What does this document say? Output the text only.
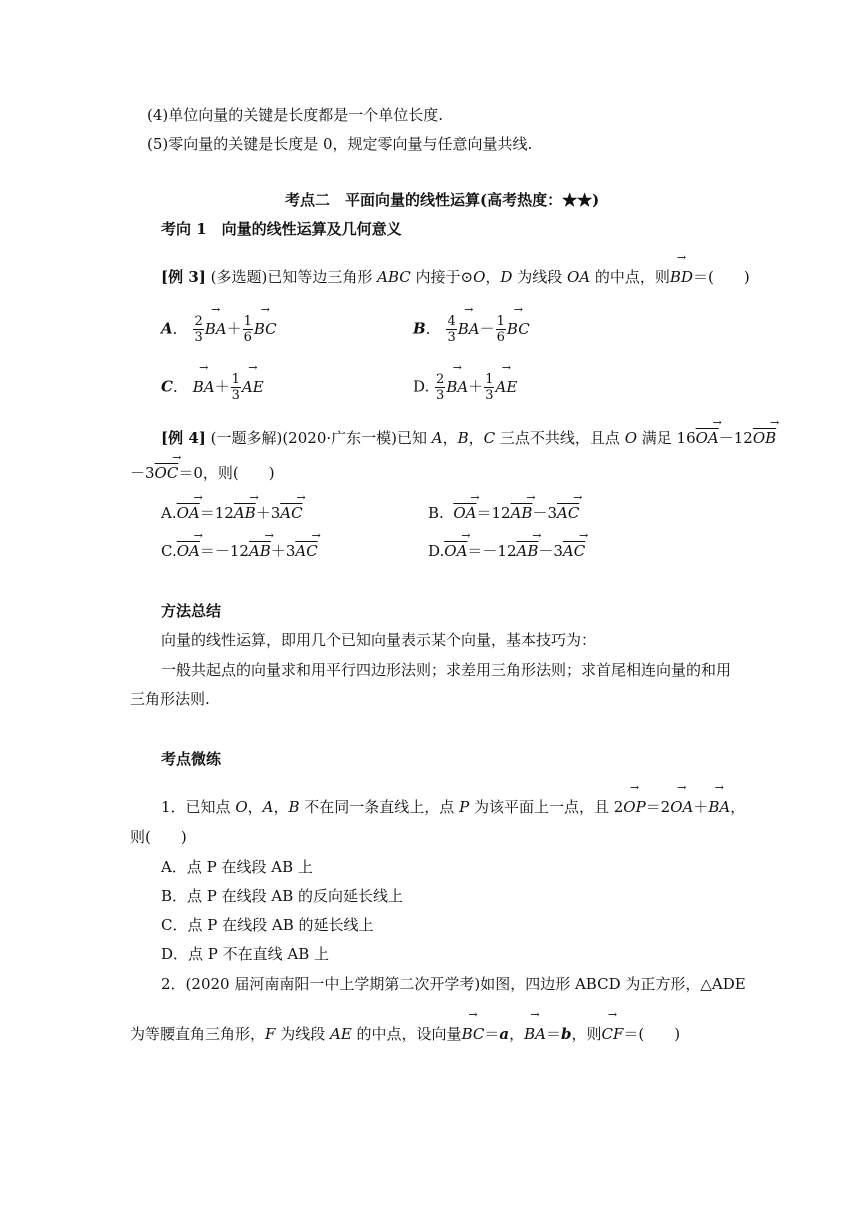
(4)单位向量的关键是长度都是一个单位长度.
(5)零向量的关键是长度是 0，规定零向量与任意向量共线.
考点二　平面向量的线性运算(高考热度：★★)
考向 1　向量的线性运算及几何意义
[例 3] (多选题)已知等边三角形 ABC 内接于⊙O，D 为线段 OA 的中点，则→ BD＝(　　)
A． $\frac{2}{3} \to BA+ \frac{1}{6}$ → BC	B． $\frac{4}{3} \to BA- \frac{1}{6}$ → BC
C． → $BA+ \frac{1}{3}$ → AE	D. $\frac{2}{3} \to BA+ \frac{1}{3}$ → AE
[例 4] (一题多解)(2020·广东一模)已知 A，B，C 三点不共线，且点 O 满足 $16\overline{OA} \to-12\overline{OB}$ →
$-3\overline{OC} \to=0$，则(　　)
$A.\overline{OA} \to=12\overline{AB} \to+3\overline{AC}$ →	B. $\overline{OA} \to=12\overline{AB} \to-3\overline{AC}$ →
$C.\overline{OA} \to=-12\overline{AB} \to+3\overline{AC}$ →	$D.\overline{OA} \to=-12\overline{AB} \to-3\overline{AC}$ →
方法总结
向量的线性运算，即用几个已知向量表示某个向量，基本技巧为：
一般共起点的向量求和用平行四边形法则；求差用三角形法则；求首尾相连向量的和用
三角形法则.
考点微练
1．已知点 O，A，B 不在同一条直线上，点 P 为该平面上一点，且 2→ OP＝2→ OA＋→ BA，
则(　　)
A．点 P 在线段 AB 上
B．点 P 在线段 AB 的反向延长线上
C．点 P 在线段 AB 的延长线上
D．点 P 不在直线 AB 上
2．(2020 届河南南阳一中上学期第二次开学考)如图，四边形 ABCD 为正方形，△ADE
为等腰直角三角形，F 为线段 AE 的中点，设向量→ BC＝a，→ BA＝b，则→ CF＝(　　)
